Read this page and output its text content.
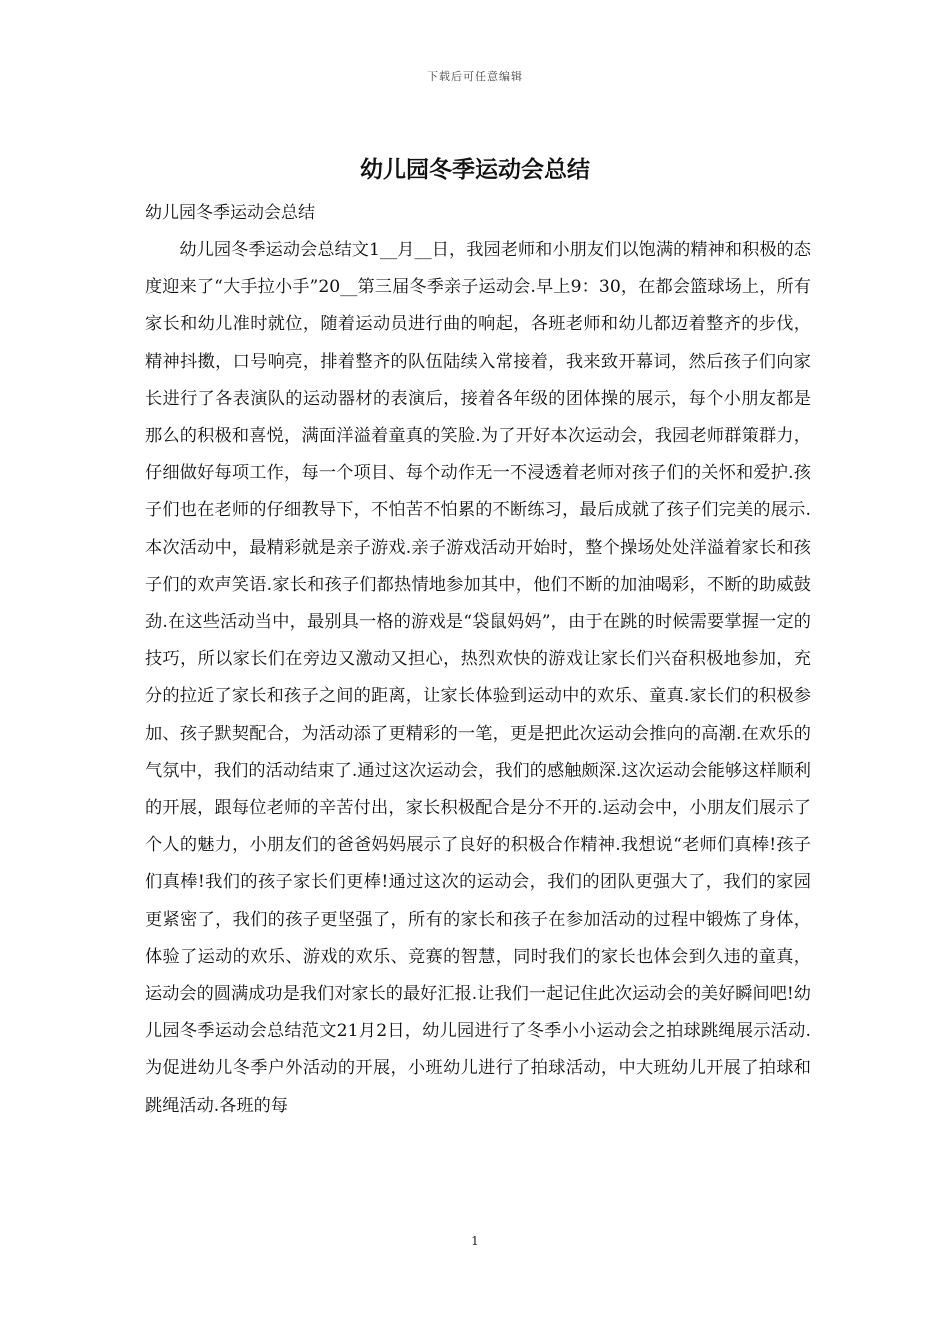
下载后可任意编辑
幼儿园冬季运动会总结
幼儿园冬季运动会总结

幼儿园冬季运动会总结文1__月__日，我园老师和小朋友们以饱满的精神和积极的态度迎来了“大手拉小手”20__第三届冬季亲子运动会.早上9：30，在都会篮球场上，所有家长和幼儿准时就位，随着运动员进行曲的响起，各班老师和幼儿都迈着整齐的步伐，精神抖擞，口号响亮，排着整齐的队伍陆续入常接着，我来致开幕词，然后孩子们向家长进行了各表演队的运动器材的表演后，接着各年级的团体操的展示，每个小朋友都是那么的积极和喜悦，满面洋溢着童真的笑脸.为了开好本次运动会，我园老师群策群力，仔细做好每项工作，每一个项目、每个动作无一不浸透着老师对孩子们的关怀和爱护.孩子们也在老师的仔细教导下，不怕苦不怕累的不断练习，最后成就了孩子们完美的展示.本次活动中，最精彩就是亲子游戏.亲子游戏活动开始时，整个操场处处洋溢着家长和孩子们的欢声笑语.家长和孩子们都热情地参加其中，他们不断的加油喝彩，不断的助威鼓劲.在这些活动当中，最别具一格的游戏是“袋鼠妈妈”，由于在跳的时候需要掌握一定的技巧，所以家长们在旁边又激动又担心，热烈欢快的游戏让家长们兴奋积极地参加，充分的拉近了家长和孩子之间的距离，让家长体验到运动中的欢乐、童真.家长们的积极参加、孩子默契配合，为活动添了更精彩的一笔，更是把此次运动会推向的高潮.在欢乐的气氛中，我们的活动结束了.通过这次运动会，我们的感触颇深.这次运动会能够这样顺利的开展，跟每位老师的辛苦付出，家长积极配合是分不开的.运动会中，小朋友们展示了个人的魅力，小朋友们的爸爸妈妈展示了良好的积极合作精神.我想说“老师们真棒!孩子们真棒!我们的孩子家长们更棒!通过这次的运动会，我们的团队更强大了，我们的家园更紧密了，我们的孩子更坚强了，所有的家长和孩子在参加活动的过程中锻炼了身体，体验了运动的欢乐、游戏的欢乐、竞赛的智慧，同时我们的家长也体会到久违的童真，运动会的圆满成功是我们对家长的最好汇报.让我们一起记住此次运动会的美好瞬间吧!幼儿园冬季运动会总结范文21月2日，幼儿园进行了冬季小小运动会之拍球跳绳展示活动.为促进幼儿冬季户外活动的开展，小班幼儿进行了拍球活动，中大班幼儿开展了拍球和跳绳活动.各班的每

1
